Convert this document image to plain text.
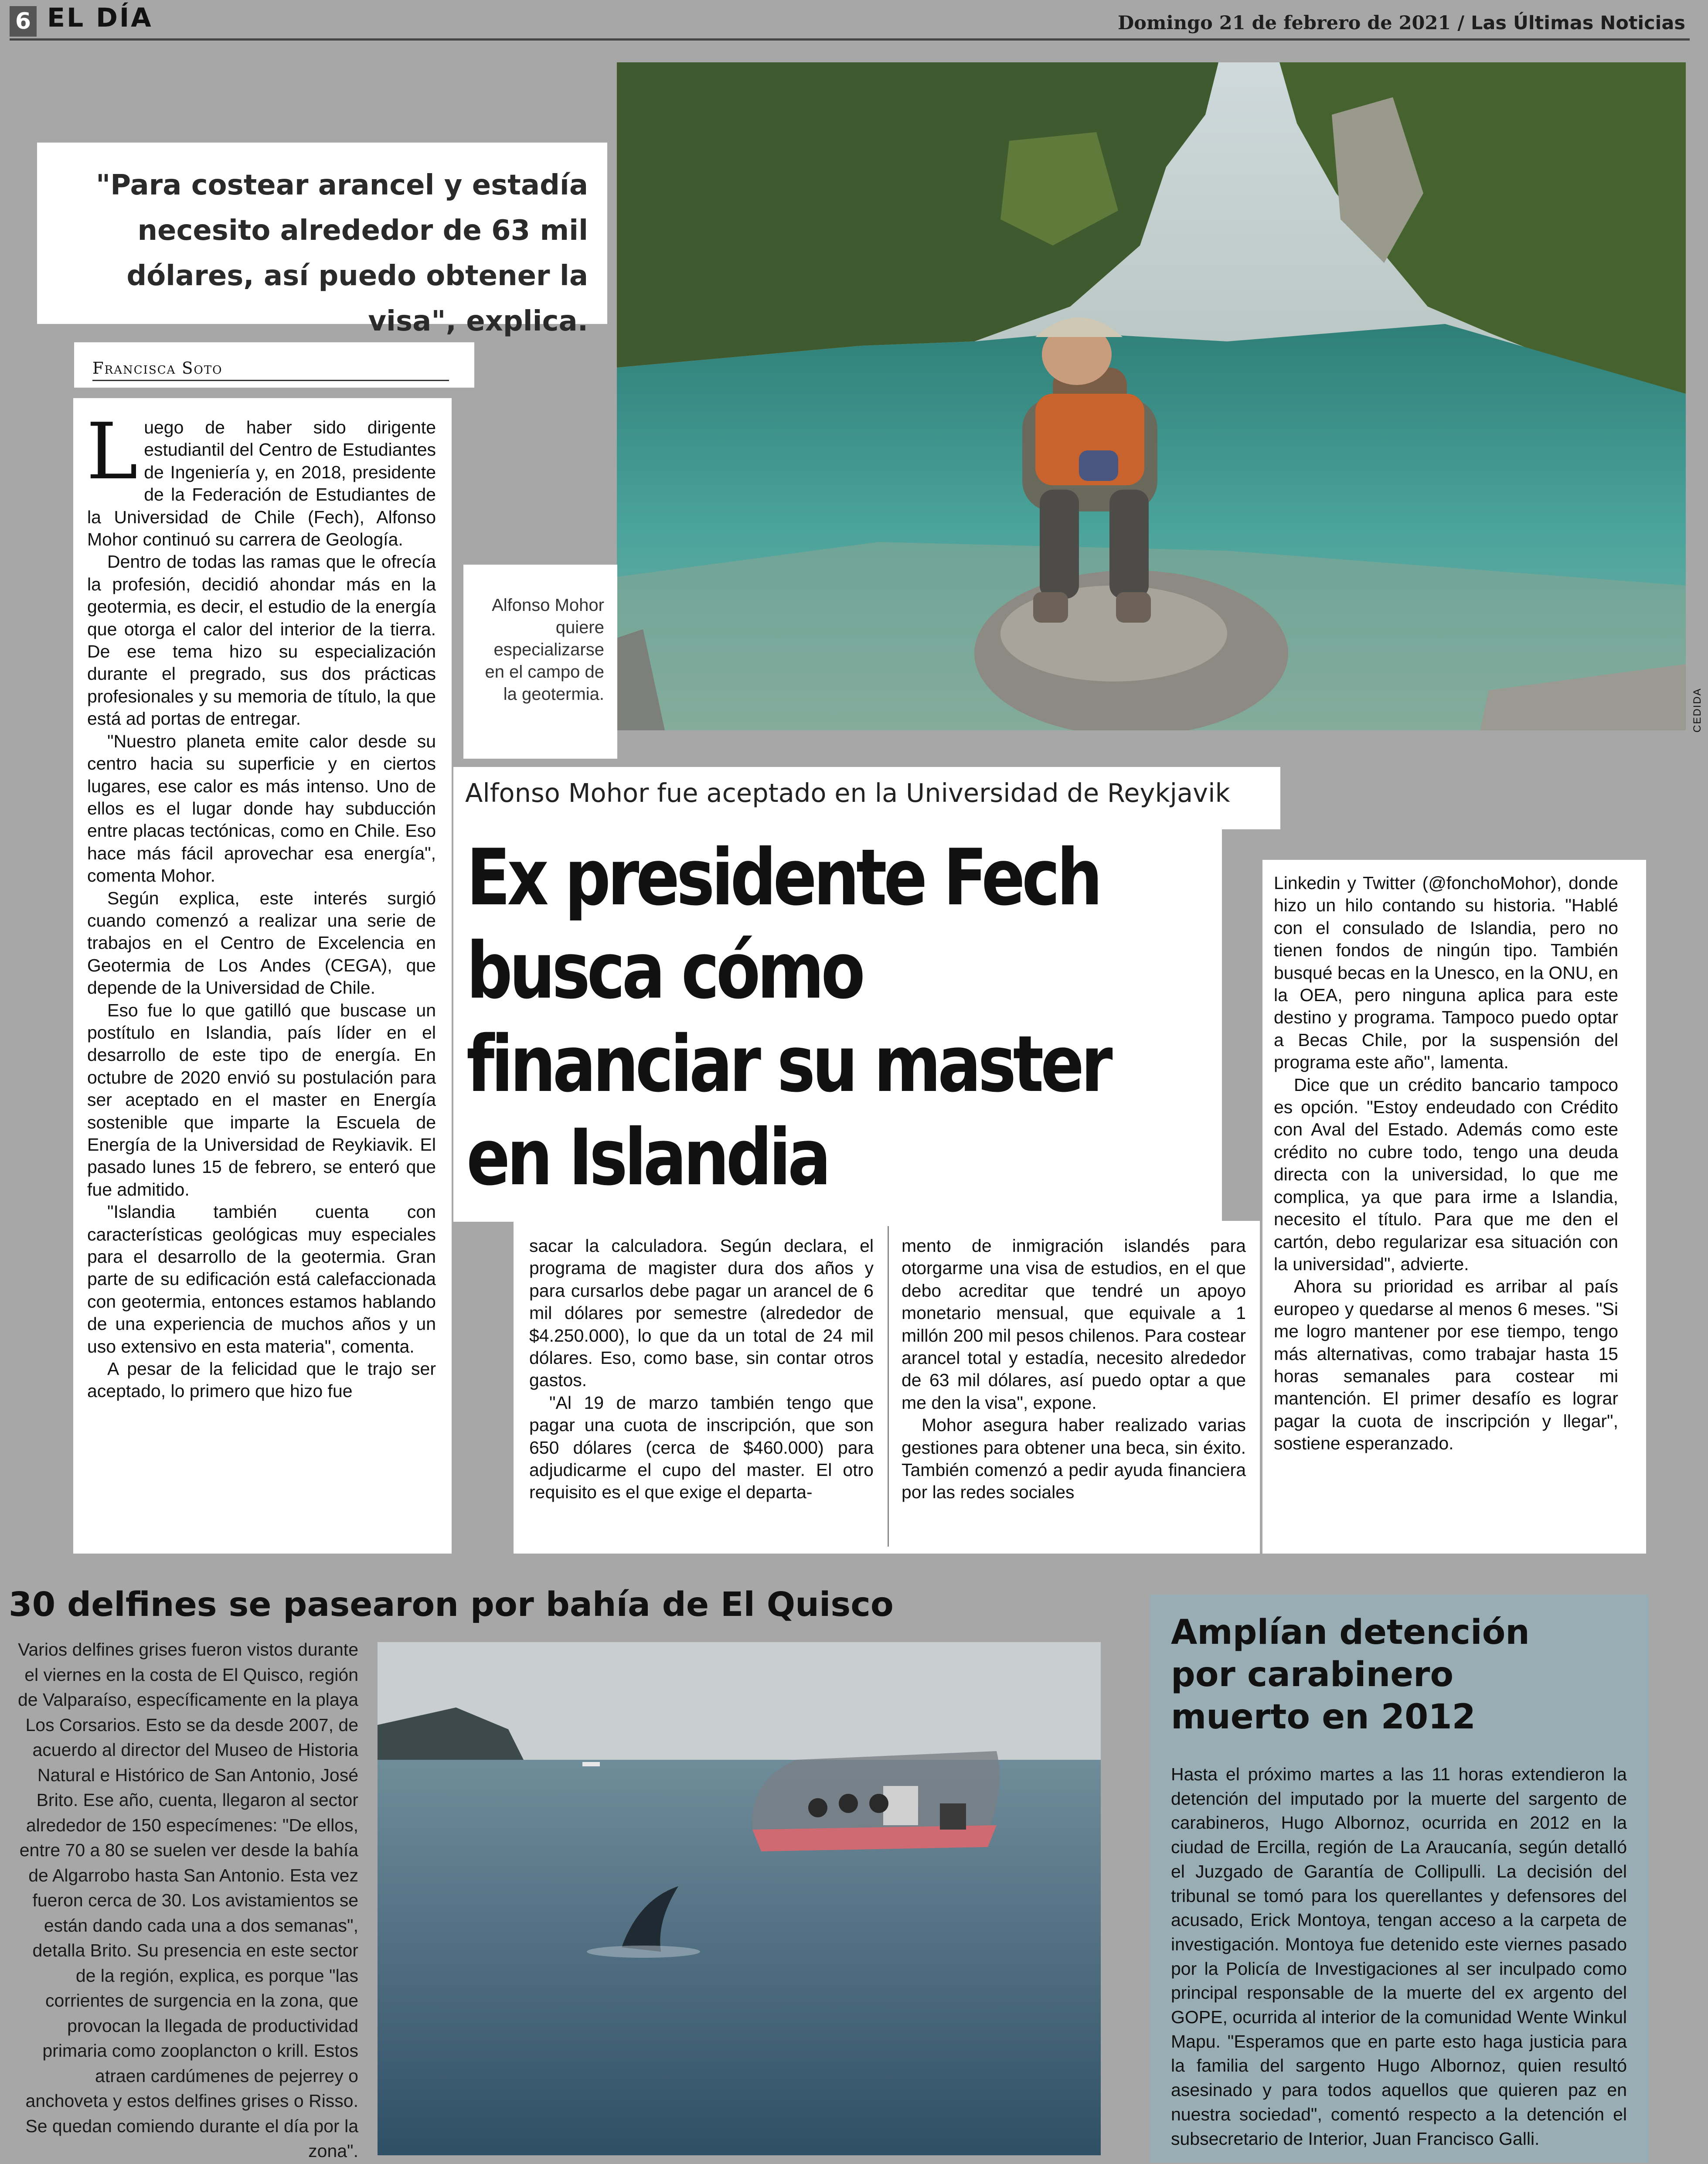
6 EL DÍA	Domingo 21 de febrero de 2021 / Las Últimas Noticias
CEDIDA
"Para costear arancel y estadía necesito alrededor de 63 mil dólares, así puedo obtener la visa", explica.
Francisca Soto

Luego de haber sido dirigente estudiantil del Centro de Estudiantes de Ingeniería y, en 2018, presidente de la Federación de Estudiantes de la Universidad de Chile (Fech), Alfonso Mohor continuó su carrera de Geología.

Dentro de todas las ramas que le ofrecía la profesión, decidió ahondar más en la geotermia, es decir, el estudio de la energía que otorga el calor del interior de la tierra. De ese tema hizo su especialización durante el pregrado, sus dos prácticas profesionales y su memoria de título, la que está ad portas de entregar.

"Nuestro planeta emite calor desde su centro hacia su superficie y en ciertos lugares, ese calor es más intenso. Uno de ellos es el lugar donde hay subducción entre placas tectónicas, como en Chile. Eso hace más fácil aprovechar esa energía", comenta Mohor.

Según explica, este interés surgió cuando comenzó a realizar una serie de trabajos en el Centro de Excelencia en Geotermia de Los Andes (CEGA), que depende de la Universidad de Chile.

Eso fue lo que gatilló que buscase un postítulo en Islandia, país líder en el desarrollo de este tipo de energía. En octubre de 2020 envió su postulación para ser aceptado en el master en Energía sostenible que imparte la Escuela de Energía de la Universidad de Reykiavik. El pasado lunes 15 de febrero, se enteró que fue admitido.

"Islandia también cuenta con características geológicas muy especiales para el desarrollo de la geotermia. Gran parte de su edificación está calefaccionada con geotermia, entonces estamos hablando de una experiencia de muchos años y un uso extensivo en esta materia", comenta.

A pesar de la felicidad que le trajo ser aceptado, lo primero que hizo fue

Alfonso Mohor quiere especializarse en el campo de la geotermia.
Alfonso Mohor fue aceptado en la Universidad de Reykjavik
Ex presidente Fech
busca cómo
financiar su master
en Islandia

sacar la calculadora. Según declara, el programa de magister dura dos años y para cursarlos debe pagar un arancel de 6 mil dólares por semestre (alrededor de $4.250.000), lo que da un total de 24 mil dólares. Eso, como base, sin contar otros gastos.

"Al 19 de marzo también tengo que pagar una cuota de inscripción, que son 650 dólares (cerca de $460.000) para adjudicarme el cupo del master. El otro requisito es el que exige el departa-

mento de inmigración islandés para otorgarme una visa de estudios, en el que debo acreditar que tendré un apoyo monetario mensual, que equivale a 1 millón 200 mil pesos chilenos. Para costear arancel total y estadía, necesito alrededor de 63 mil dólares, así puedo optar a que me den la visa", expone.

Mohor asegura haber realizado varias gestiones para obtener una beca, sin éxito. También comenzó a pedir ayuda financiera por las redes sociales

Linkedin y Twitter (@fonchoMohor), donde hizo un hilo contando su historia. "Hablé con el consulado de Islandia, pero no tienen fondos de ningún tipo. También busqué becas en la Unesco, en la ONU, en la OEA, pero ninguna aplica para este destino y programa. Tampoco puedo optar a Becas Chile, por la suspensión del programa este año", lamenta.

Dice que un crédito bancario tampoco es opción. "Estoy endeudado con Crédito con Aval del Estado. Además como este crédito no cubre todo, tengo una deuda directa con la universidad, lo que me complica, ya que para irme a Islandia, necesito el título. Para que me den el cartón, debo regularizar esa situación con la universidad", advierte.

Ahora su prioridad es arribar al país europeo y quedarse al menos 6 meses. "Si me logro mantener por ese tiempo, tengo más alternativas, como trabajar hasta 15 horas semanales para costear mi mantención. El primer desafío es lograr pagar la cuota de inscripción y llegar", sostiene esperanzado.

30 delfines se pasearon por bahía de El Quisco
Varios delfines grises fueron vistos durante el viernes en la costa de El Quisco, región de Valparaíso, específicamente en la playa Los Corsarios. Esto se da desde 2007, de acuerdo al director del Museo de Historia Natural e Histórico de San Antonio, José Brito. Ese año, cuenta, llegaron al sector alrededor de 150 especímenes: "De ellos, entre 70 a 80 se suelen ver desde la bahía de Algarrobo hasta San Antonio. Esta vez fueron cerca de 30. Los avistamientos se están dando cada una a dos semanas", detalla Brito. Su presencia en este sector de la región, explica, es porque "las corrientes de surgencia en la zona, que provocan la llegada de productividad primaria como zooplancton o krill. Estos atraen cardúmenes de pejerrey o anchoveta y estos delfines grises o Risso. Se quedan comiendo durante el día por la zona".
Amplían detención
por carabinero
muerto en 2012
Hasta el próximo martes a las 11 horas extendieron la detención del imputado por la muerte del sargento de carabineros, Hugo Albornoz, ocurrida en 2012 en la ciudad de Ercilla, región de La Araucanía, según detalló el Juzgado de Garantía de Collipulli. La decisión del tribunal se tomó para los querellantes y defensores del acusado, Erick Montoya, tengan acceso a la carpeta de investigación. Montoya fue detenido este viernes pasado por la Policía de Investigaciones al ser inculpado como principal responsable de la muerte del ex argento del GOPE, ocurrida al interior de la comunidad Wente Winkul Mapu. "Esperamos que en parte esto haga justicia para la familia del sargento Hugo Albornoz, quien resultó asesinado y para todos aquellos que quieren paz en nuestra sociedad", comentó respecto a la detención el subsecretario de Interior, Juan Francisco Galli.
